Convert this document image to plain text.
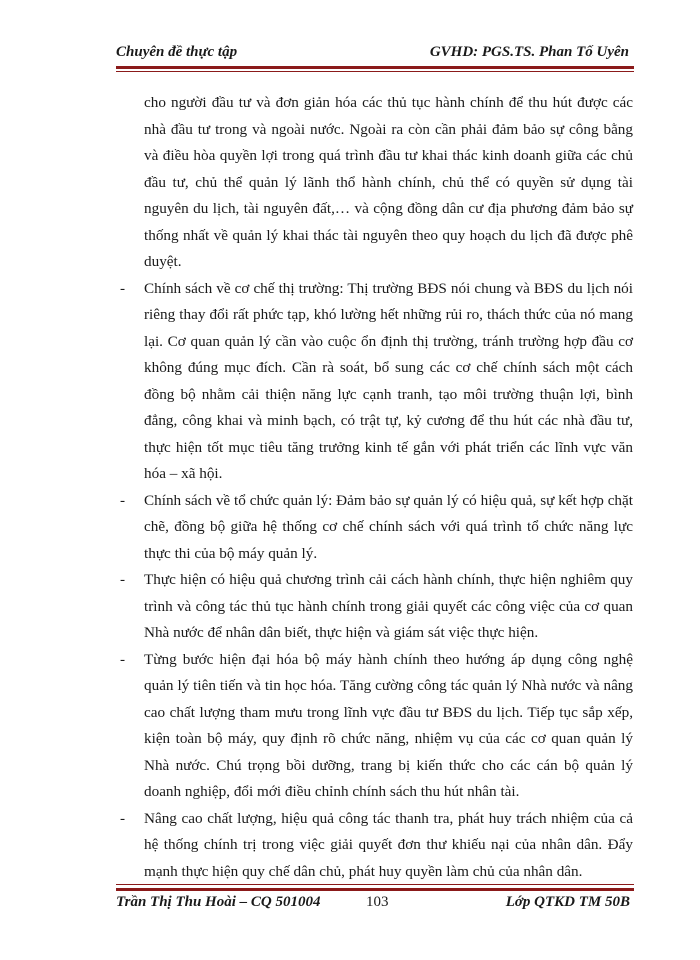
Chuyên đề thực tập	GVHD: PGS.TS. Phan Tố Uyên

cho người đầu tư và đơn giản hóa các thủ tục hành chính để thu hút được các nhà đầu tư trong và ngoài nước. Ngoài ra còn cần phải đảm bảo sự công bằng và điều hòa quyền lợi trong quá trình đầu tư khai thác kinh doanh giữa các chủ đầu tư, chủ thể quản lý lãnh thổ hành chính, chủ thể có quyền sử dụng tài nguyên du lịch, tài nguyên đất,… và cộng đồng dân cư địa phương đảm bảo sự thống nhất về quản lý khai thác tài nguyên theo quy hoạch du lịch đã được phê duyệt.

- Chính sách về cơ chế thị trường: Thị trường BĐS nói chung và BĐS du lịch nói riêng thay đổi rất phức tạp, khó lường hết những rủi ro, thách thức của nó mang lại. Cơ quan quản lý cần vào cuộc ổn định thị trường, tránh trường hợp đầu cơ không đúng mục đích. Cần rà soát, bổ sung các cơ chế chính sách một cách đồng bộ nhằm cải thiện năng lực cạnh tranh, tạo môi trường thuận lợi, bình đẳng, công khai và minh bạch, có trật tự, kỷ cương để thu hút các nhà đầu tư, thực hiện tốt mục tiêu tăng trưởng kinh tế gắn với phát triển các lĩnh vực văn hóa – xã hội.

- Chính sách về tổ chức quản lý: Đảm bảo sự quản lý có hiệu quả, sự kết hợp chặt chẽ, đồng bộ giữa hệ thống cơ chế chính sách với quá trình tổ chức năng lực thực thi của bộ máy quản lý.

- Thực hiện có hiệu quả chương trình cải cách hành chính, thực hiện nghiêm quy trình và công tác thủ tục hành chính trong giải quyết các công việc của cơ quan Nhà nước để nhân dân biết, thực hiện và giám sát việc thực hiện.

- Từng bước hiện đại hóa bộ máy hành chính theo hướng áp dụng công nghệ quản lý tiên tiến và tin học hóa. Tăng cường công tác quản lý Nhà nước và nâng cao chất lượng tham mưu trong lĩnh vực đầu tư BĐS du lịch. Tiếp tục sắp xếp, kiện toàn bộ máy, quy định rõ chức năng, nhiệm vụ của các cơ quan quản lý Nhà nước. Chú trọng bồi dưỡng, trang bị kiến thức cho các cán bộ quản lý doanh nghiệp, đổi mới điều chỉnh chính sách thu hút nhân tài.

- Nâng cao chất lượng, hiệu quả công tác thanh tra, phát huy trách nhiệm của cả hệ thống chính trị trong việc giải quyết đơn thư khiếu nại của nhân dân. Đẩy mạnh thực hiện quy chế dân chủ, phát huy quyền làm chủ của nhân dân.

Trần Thị Thu Hoài – CQ 501004	103	Lớp QTKD TM 50B
